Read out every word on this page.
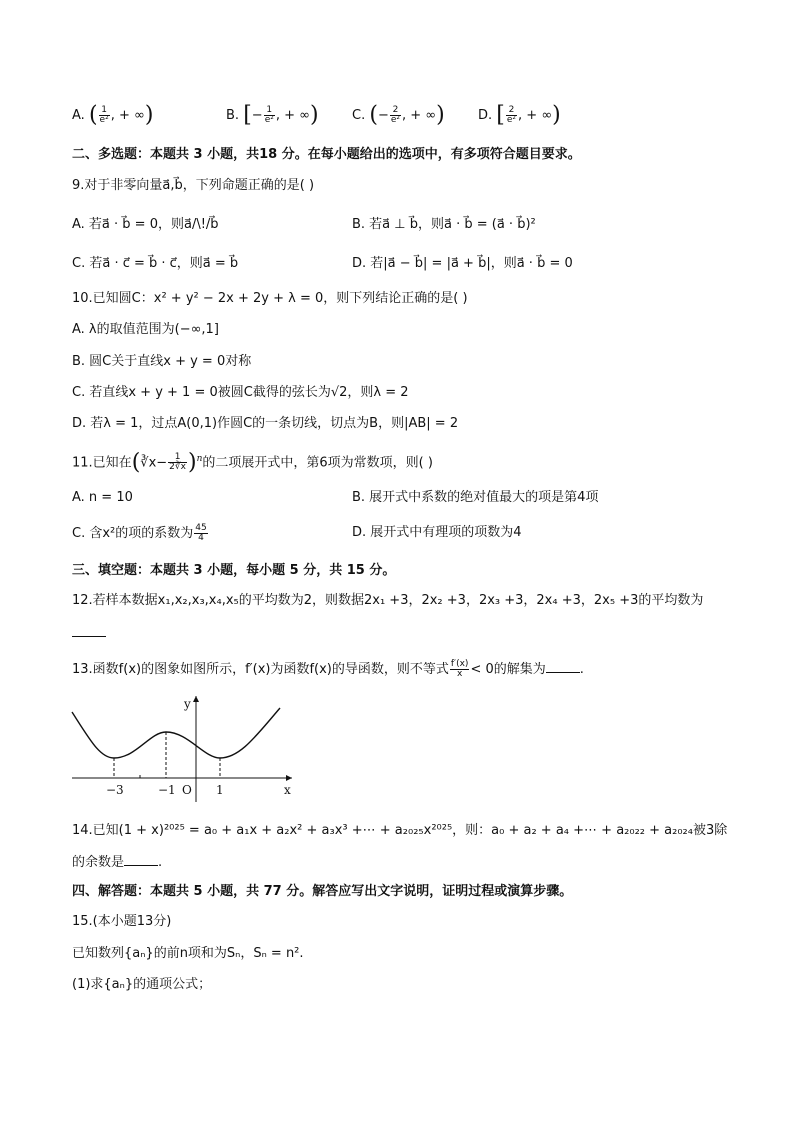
A. ( $\frac{1}{\text{e²}}$ , + ∞)	B. [− $\frac{1}{\text{e²}}$ , + ∞)	C. (− $\frac{2}{\text{e²}}$ , + ∞)	D. [ $\frac{2}{\text{e²}}$ , + ∞)
二、多选题：本题共 3 小题，共18 分。在每小题给出的选项中，有多项符合题目要求。
9.对于非零向量a⃗,b⃗，下列命题正确的是( )
A. 若a⃗ · b⃗ = 0，则a⃗/\!/b⃗	B. 若a⃗ ⊥ b⃗，则a⃗ · b⃗ = (a⃗ · b⃗)²
C. 若a⃗ · c⃗ = b⃗ · c⃗，则a⃗ = b⃗	D. 若|a⃗ − b⃗| = |a⃗ + b⃗|，则a⃗ · b⃗ = 0
10.已知圆C：x² + y² − 2x + 2y + λ = 0，则下列结论正确的是( )
A. λ的取值范围为(−∞,1]
B. 圆C关于直线x + y = 0对称
C. 若直线x + y + 1 = 0被圆C截得的弦长为√2，则λ = 2
D. 若λ = 1，过点A(0,1)作圆C的一条切线，切点为B，则|AB| = 2
11.已知在(∛x− $\frac{1}{2∛x} )^n$的二项展开式中，第6项为常数项，则( )
A. n = 10	B. 展开式中系数的绝对值最大的项是第4项
C. 含x²的项的系数为 $\frac{45}{4}$	D. 展开式中有理项的项数为4
三、填空题：本题共 3 小题，每小题 5 分，共 15 分。
12.若样本数据x₁,x₂,x₃,x₄,x₅的平均数为2，则数据2x₁ +3，2x₂ +3，2x₃ +3，2x₄ +3，2x₅ +3的平均数为
13.函数f(x)的图象如图所示，f′(x)为函数f(x)的导函数，则不等式 $\frac{f'(x)}{x} < 0$的解集为	.
y
x
O
−3	−1	1
14.已知(1 + x)²⁰²⁵ = a₀ + a₁x + a₂x² + a₃x³ +⋯ + a₂₀₂₅x²⁰²⁵，则：a₀ + a₂ + a₄ +⋯ + a₂₀₂₂ + a₂₀₂₄被3除
的余数是	.
四、解答题：本题共 5 小题，共 77 分。解答应写出文字说明，证明过程或演算步骤。
15.(本小题13分)
已知数列{aₙ}的前n项和为Sₙ，Sₙ = n².
(1)求{aₙ}的通项公式；
